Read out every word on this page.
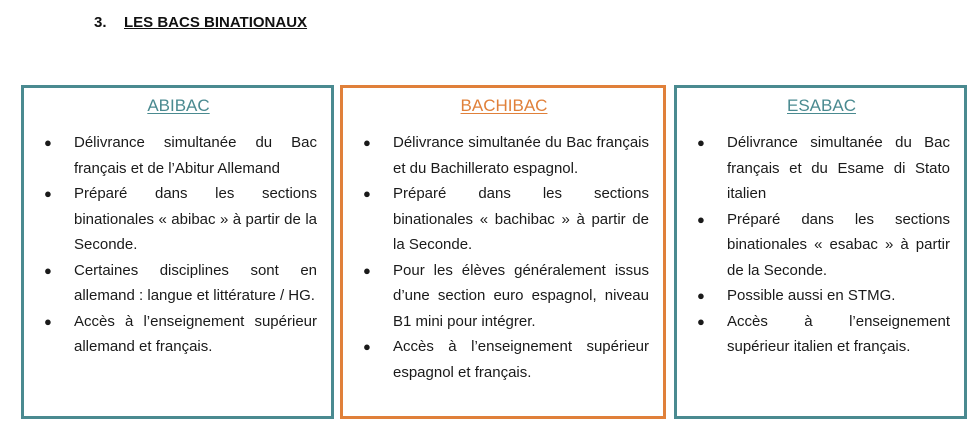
3. LES BACS BINATIONAUX
ABIBAC
● Délivrance simultanée du Bac français et de l’Abitur Allemand
● Préparé dans les sections binationales « abibac » à partir de la Seconde.
● Certaines disciplines sont en allemand : langue et littérature / HG.
● Accès à l’enseignement supérieur allemand et français.
BACHIBAC
● Délivrance simultanée du Bac français et du Bachillerato espagnol.
● Préparé dans les sections binationales « bachibac » à partir de la Seconde.
● Pour les élèves généralement issus d’une section euro espagnol, niveau B1 mini pour intégrer.
● Accès à l’enseignement supérieur espagnol et français.
ESABAC
● Délivrance simultanée du Bac français et du Esame di Stato italien
● Préparé dans les sections binationales « esabac » à partir de la Seconde.
● Possible aussi en STMG.
● Accès à l’enseignement supérieur italien et français.
